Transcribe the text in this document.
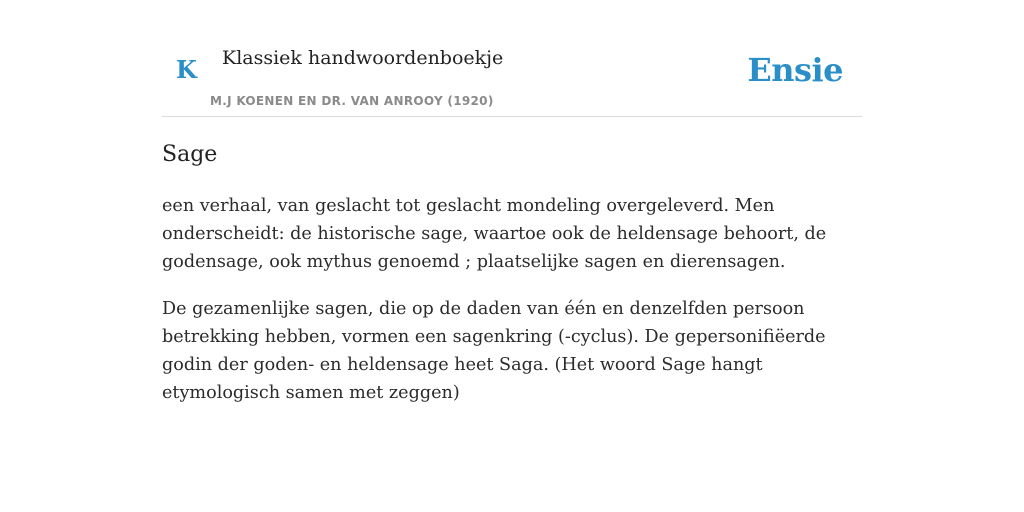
K Klassiek handwoordenboekje
M.J KOENEN EN DR. VAN ANROOY (1920)
Ensie
Sage

een verhaal, van geslacht tot geslacht mondeling overgeleverd. Men onderscheidt: de historische sage, waartoe ook de heldensage behoort, de godensage, ook mythus genoemd ; plaatselijke sagen en dierensagen.

De gezamenlijke sagen, die op de daden van één en denzelfden persoon betrekking hebben, vormen een sagenkring (-cyclus). De gepersonifiëerde godin der goden- en heldensage heet Saga. (Het woord Sage hangt etymologisch samen met zeggen)
